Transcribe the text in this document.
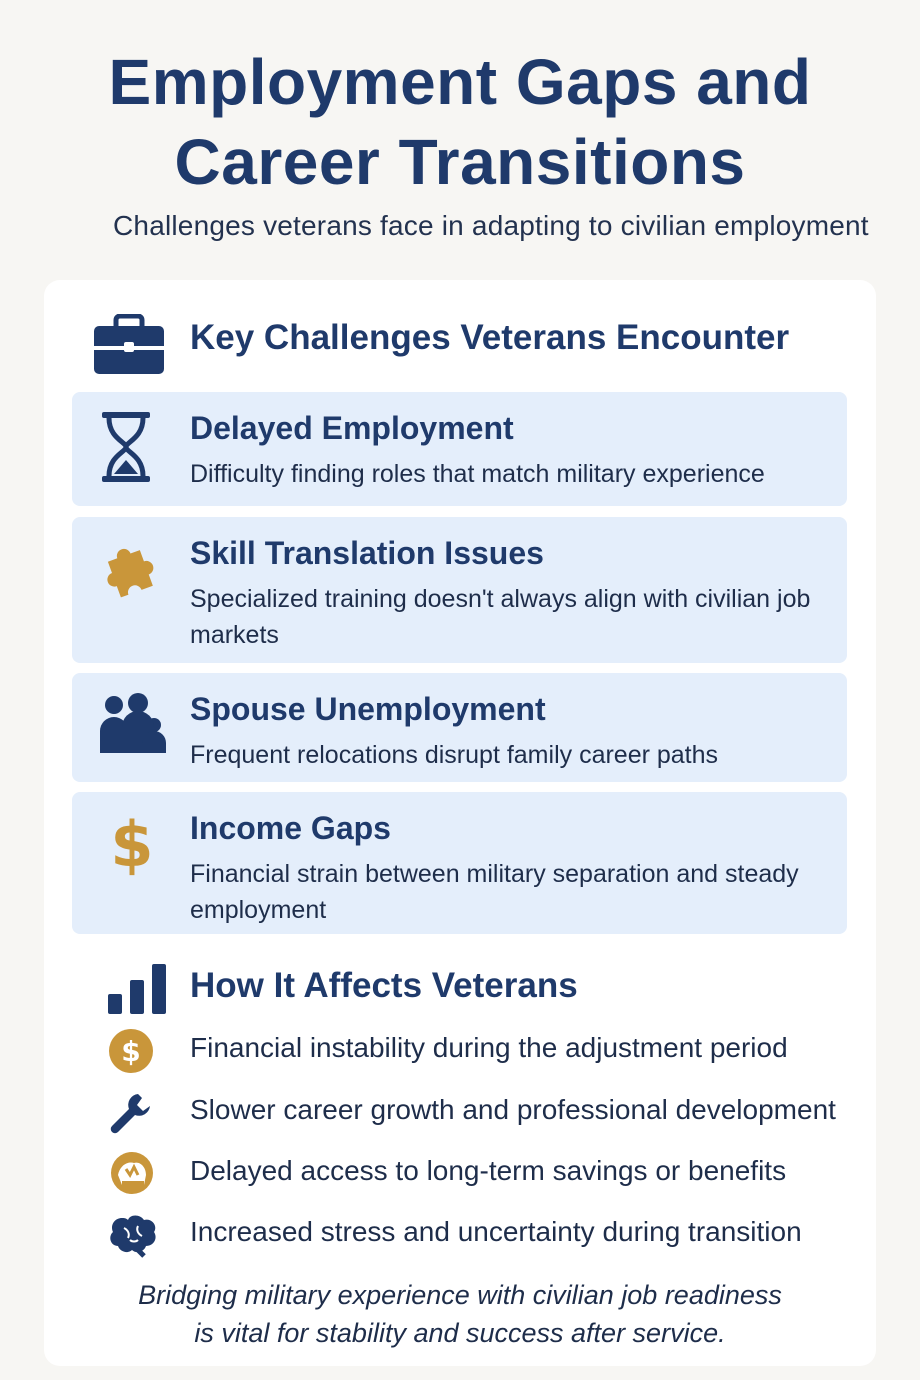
Employment Gaps and
Career Transitions
Challenges veterans face in adapting to civilian employment
Key Challenges Veterans Encounter
Delayed Employment
Difficulty finding roles that match military experience
Skill Translation Issues
Specialized training doesn't always align with civilian job markets
Spouse Unemployment
Frequent relocations disrupt family career paths
$ Income Gaps
Financial strain between military separation and steady employment
How It Affects Veterans
$ Financial instability during the adjustment period
Slower career growth and professional development
Delayed access to long-term savings or benefits
Increased stress and uncertainty during transition
Bridging military experience with civilian job readiness
is vital for stability and success after service.
